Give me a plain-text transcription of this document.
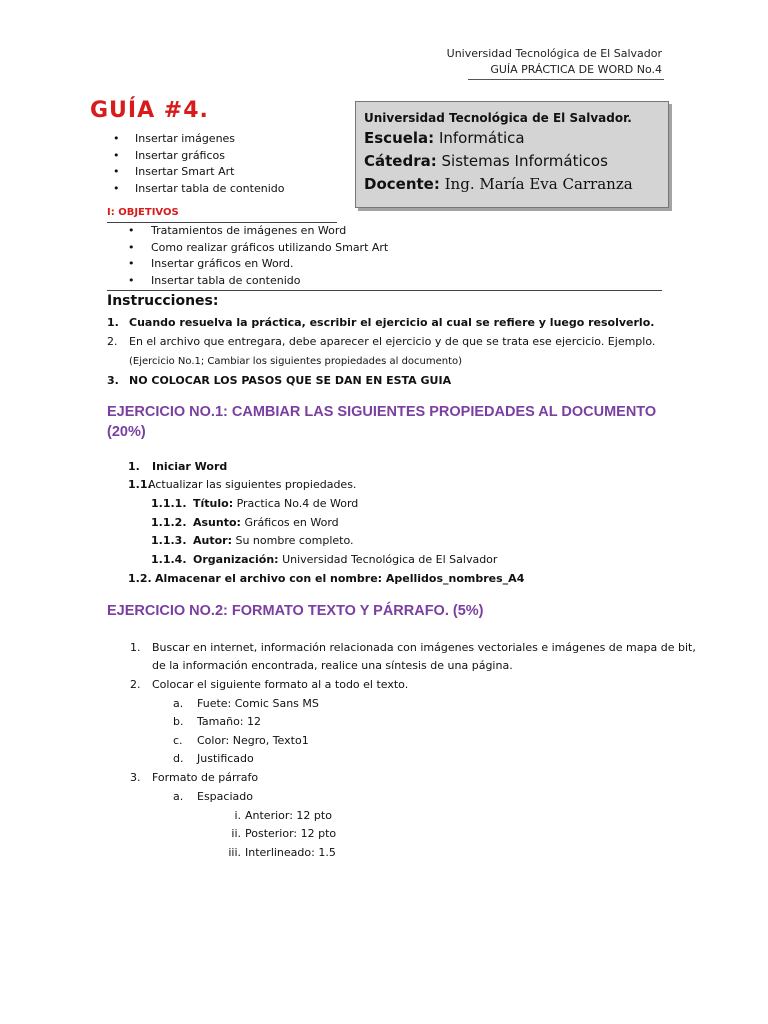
Universidad Tecnológica de El Salvador
GUÍA PRÁCTICA DE WORD No.4
GUÍA #4.
• Insertar imágenes
• Insertar gráficos
• Insertar Smart Art
• Insertar tabla de contenido
Universidad Tecnológica de El Salvador.
Escuela: Informática
Cátedra: Sistemas Informáticos
Docente: Ing. María Eva Carranza
I: OBJETIVOS
• Tratamientos de imágenes en Word
• Como realizar gráficos utilizando Smart Art
• Insertar gráficos en Word.
• Insertar tabla de contenido
Instrucciones:
1. Cuando resuelva la práctica, escribir el ejercicio al cual se refiere y luego resolverlo.
2. En el archivo que entregara, debe aparecer el ejercicio y de que se trata ese ejercicio. Ejemplo.
(Ejercicio No.1; Cambiar los siguientes propiedades al documento)
3. NO COLOCAR LOS PASOS QUE SE DAN EN ESTA GUIA
EJERCICIO NO.1: CAMBIAR LAS SIGUIENTES PROPIEDADES AL DOCUMENTO
(20%)
1. Iniciar Word
1.1.Actualizar las siguientes propiedades.
1.1.1. Título: Practica No.4 de Word
1.1.2. Asunto: Gráficos en Word
1.1.3. Autor: Su nombre completo.
1.1.4. Organización: Universidad Tecnológica de El Salvador
1.2. Almacenar el archivo con el nombre: Apellidos_nombres_A4
EJERCICIO NO.2: FORMATO TEXTO Y PÁRRAFO. (5%)
1. Buscar en internet, información relacionada con imágenes vectoriales e imágenes de mapa de bit,
de la información encontrada, realice una síntesis de una página.
2. Colocar el siguiente formato al a todo el texto.
a. Fuete: Comic Sans MS
b. Tamaño: 12
c. Color: Negro, Texto1
d. Justificado
3. Formato de párrafo
a. Espaciado
i. Anterior: 12 pto
ii. Posterior: 12 pto
iii. Interlineado: 1.5
